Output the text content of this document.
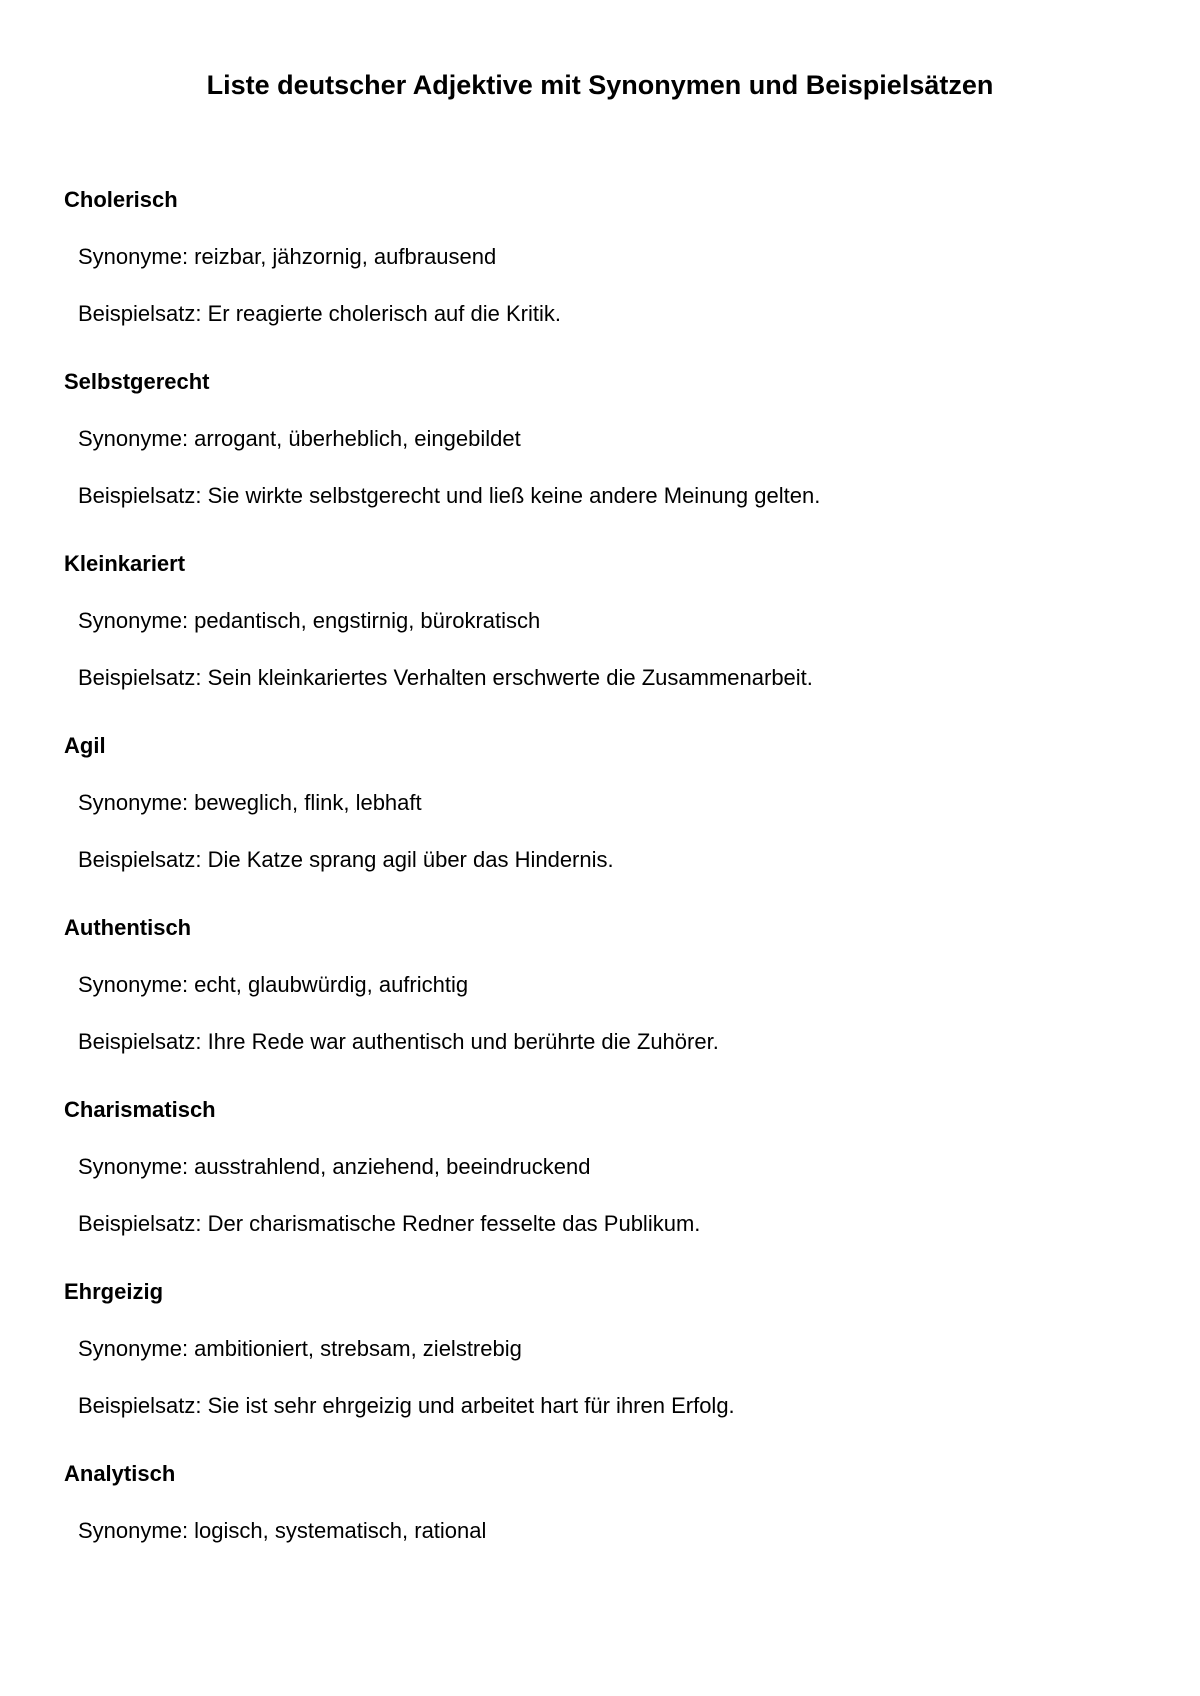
Liste deutscher Adjektive mit Synonymen und Beispielsätzen

Cholerisch

Synonyme: reizbar, jähzornig, aufbrausend

Beispielsatz: Er reagierte cholerisch auf die Kritik.

Selbstgerecht

Synonyme: arrogant, überheblich, eingebildet

Beispielsatz: Sie wirkte selbstgerecht und ließ keine andere Meinung gelten.

Kleinkariert

Synonyme: pedantisch, engstirnig, bürokratisch

Beispielsatz: Sein kleinkariertes Verhalten erschwerte die Zusammenarbeit.

Agil

Synonyme: beweglich, flink, lebhaft

Beispielsatz: Die Katze sprang agil über das Hindernis.

Authentisch

Synonyme: echt, glaubwürdig, aufrichtig

Beispielsatz: Ihre Rede war authentisch und berührte die Zuhörer.

Charismatisch

Synonyme: ausstrahlend, anziehend, beeindruckend

Beispielsatz: Der charismatische Redner fesselte das Publikum.

Ehrgeizig

Synonyme: ambitioniert, strebsam, zielstrebig

Beispielsatz: Sie ist sehr ehrgeizig und arbeitet hart für ihren Erfolg.

Analytisch

Synonyme: logisch, systematisch, rational
